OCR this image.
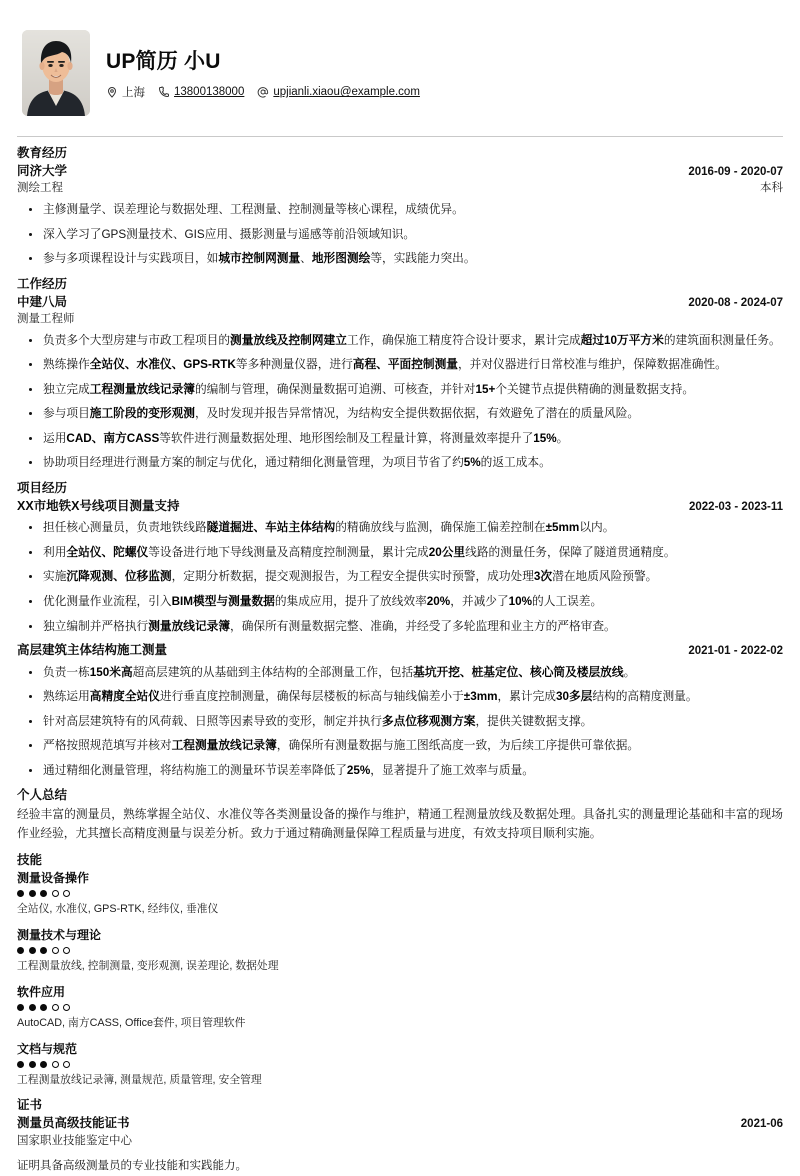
UP简历 小U
上海	13800138000	upjianli.xiaou@example.com
教育经历
同济大学	2016-09 - 2020-07
测绘工程	本科
主修测量学、误差理论与数据处理、工程测量、控制测量等核心课程，成绩优异。
深入学习了GPS测量技术、GIS应用、摄影测量与遥感等前沿领域知识。
参与多项课程设计与实践项目，如城市控制网测量、地形图测绘等，实践能力突出。
工作经历
中建八局	2020-08 - 2024-07
测量工程师
负责多个大型房建与市政工程项目的测量放线及控制网建立工作，确保施工精度符合设计要求，累计完成超过10万平方米的建筑面积测量任务。
熟练操作全站仪、水准仪、GPS-RTK等多种测量仪器，进行高程、平面控制测量，并对仪器进行日常校准与维护，保障数据准确性。
独立完成工程测量放线记录簿的编制与管理，确保测量数据可追溯、可核查，并针对15+个关键节点提供精确的测量数据支持。
参与项目施工阶段的变形观测，及时发现并报告异常情况，为结构安全提供数据依据，有效避免了潜在的质量风险。
运用CAD、南方CASS等软件进行测量数据处理、地形图绘制及工程量计算，将测量效率提升了15%。
协助项目经理进行测量方案的制定与优化，通过精细化测量管理，为项目节省了约5%的返工成本。
项目经历
XX市地铁X号线项目测量支持	2022-03 - 2023-11
担任核心测量员，负责地铁线路隧道掘进、车站主体结构的精确放线与监测，确保施工偏差控制在±5mm以内。
利用全站仪、陀螺仪等设备进行地下导线测量及高精度控制测量，累计完成20公里线路的测量任务，保障了隧道贯通精度。
实施沉降观测、位移监测，定期分析数据，提交观测报告，为工程安全提供实时预警，成功处理3次潜在地质风险预警。
优化测量作业流程，引入BIM模型与测量数据的集成应用，提升了放线效率20%，并减少了10%的人工误差。
独立编制并严格执行测量放线记录簿，确保所有测量数据完整、准确，并经受了多轮监理和业主方的严格审查。
高层建筑主体结构施工测量	2021-01 - 2022-02
负责一栋150米高超高层建筑的从基础到主体结构的全部测量工作，包括基坑开挖、桩基定位、核心筒及楼层放线。
熟练运用高精度全站仪进行垂直度控制测量，确保每层楼板的标高与轴线偏差小于±3mm，累计完成30多层结构的高精度测量。
针对高层建筑特有的风荷载、日照等因素导致的变形，制定并执行多点位移观测方案，提供关键数据支撑。
严格按照规范填写并核对工程测量放线记录簿，确保所有测量数据与施工图纸高度一致，为后续工序提供可靠依据。
通过精细化测量管理，将结构施工的测量环节误差率降低了25%，显著提升了施工效率与质量。
个人总结
经验丰富的测量员，熟练掌握全站仪、水准仪等各类测量设备的操作与维护，精通工程测量放线及数据处理。具备扎实的测量理论基础和丰富的现场作业经验，尤其擅长高精度测量与误差分析。致力于通过精确测量保障工程质量与进度，有效支持项目顺利实施。
技能
测量设备操作
全站仪, 水准仪, GPS-RTK, 经纬仪, 垂准仪
测量技术与理论
工程测量放线, 控制测量, 变形观测, 误差理论, 数据处理
软件应用
AutoCAD, 南方CASS, Office套件, 项目管理软件
文档与规范
工程测量放线记录簿, 测量规范, 质量管理, 安全管理
证书
测量员高级技能证书	2021-06
国家职业技能鉴定中心
证明具备高级测量员的专业技能和实践能力。
